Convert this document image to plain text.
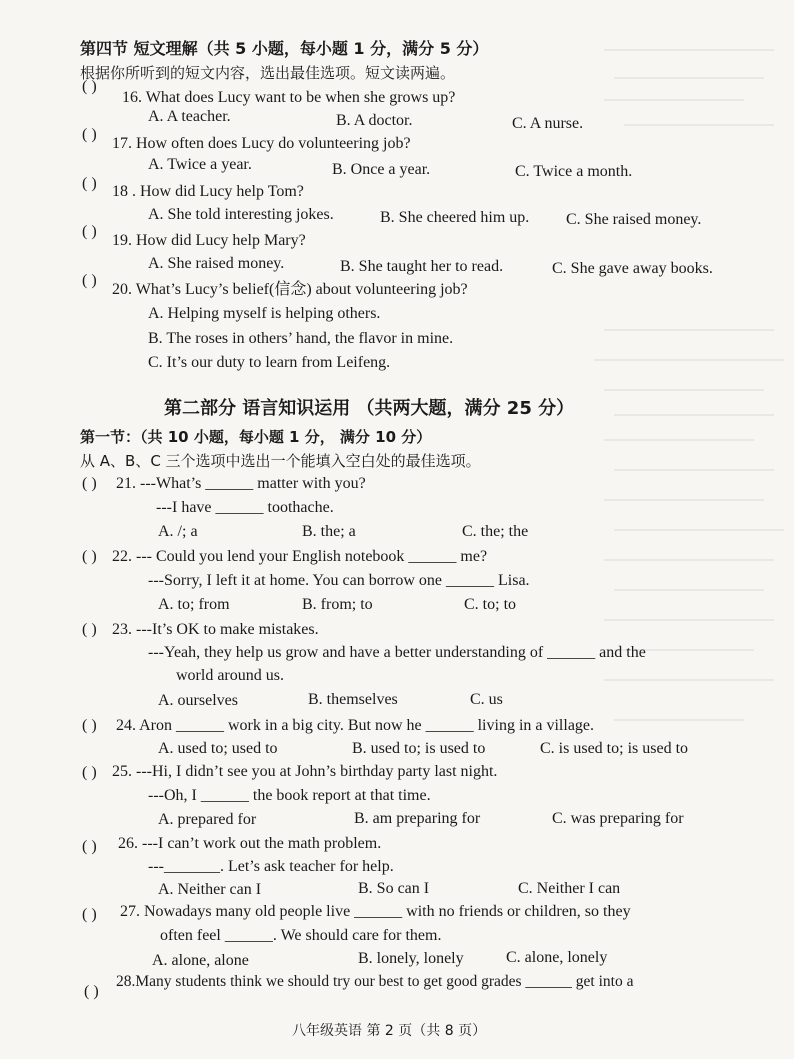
第四节 短文理解（共 5 小题，每小题 1 分，满分 5 分）
根据你所听到的短文内容，选出最佳选项。短文读两遍。
( )
16. What does Lucy want to be when she grows up?
A. A teacher.	B. A doctor.	C. A nurse.
( )
17. How often does Lucy do volunteering job?
A. Twice a year.	B. Once a year.	C. Twice a month.
( ) 18 . How did Lucy help Tom?
A. She told interesting jokes.	B. She cheered him up. C. She raised money.
( )
19. How did Lucy help Mary?
A. She raised money.	B. She taught her to read.	C. She gave away books.
( )
20. What’s Lucy’s belief(信念) about volunteering job?
A. Helping myself is helping others.
B. The roses in others’ hand, the flavor in mine.
C. It’s our duty to learn from Leifeng.
第二部分 语言知识运用 （共两大题，满分 25 分）
第一节：（共 10 小题，每小题 1 分， 满分 10 分）
从 A、B、C 三个选项中选出一个能填入空白处的最佳选项。
( ) 21. ---What’s ______ matter with you?
---I have ______ toothache.
A. /; a	B. the; a	C. the; the
( ) 22. --- Could you lend your English notebook ______ me?
---Sorry, I left it at home. You can borrow one ______ Lisa.
A. to; from	B. from; to	C. to; to
( ) 23. ---It’s OK to make mistakes.
---Yeah, they help us grow and have a better understanding of ______ and the
world around us.
A. ourselves	B. themselves	C. us
( ) 24. Aron ______ work in a big city. But now he ______ living in a village.
A. used to; used to	B. used to; is used to	C. is used to; is used to
( ) 25. ---Hi, I didn’t see you at John’s birthday party last night.
---Oh, I ______ the book report at that time.
A. prepared for	B. am preparing for	C. was preparing for
( ) 26. ---I can’t work out the math problem.
---_______. Let’s ask teacher for help.
A. Neither can I	B. So can I	C. Neither I can
( ) 27. Nowadays many old people live ______ with no friends or children, so they
often feel ______. We should care for them.
A. alone, alone	B. lonely, lonely	C. alone, lonely
( )
28.Many students think we should try our best to get good grades ______ get into a
八年级英语 第 2 页（共 8 页）
